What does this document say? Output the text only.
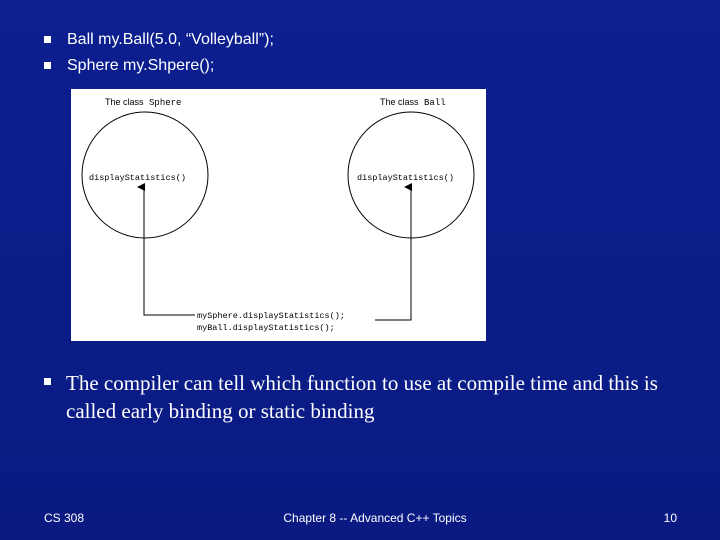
Ball my.Ball(5.0, “Volleyball”);
Sphere my.Shpere();
The class Sphere	The class Ball
displayStatistics()	displayStatistics()
mySphere.displayStatistics();
myBall.displayStatistics();
The compiler can tell which function to use at compile time and this is called early binding or static binding
CS 308	Chapter 8 -- Advanced C++ Topics	10
